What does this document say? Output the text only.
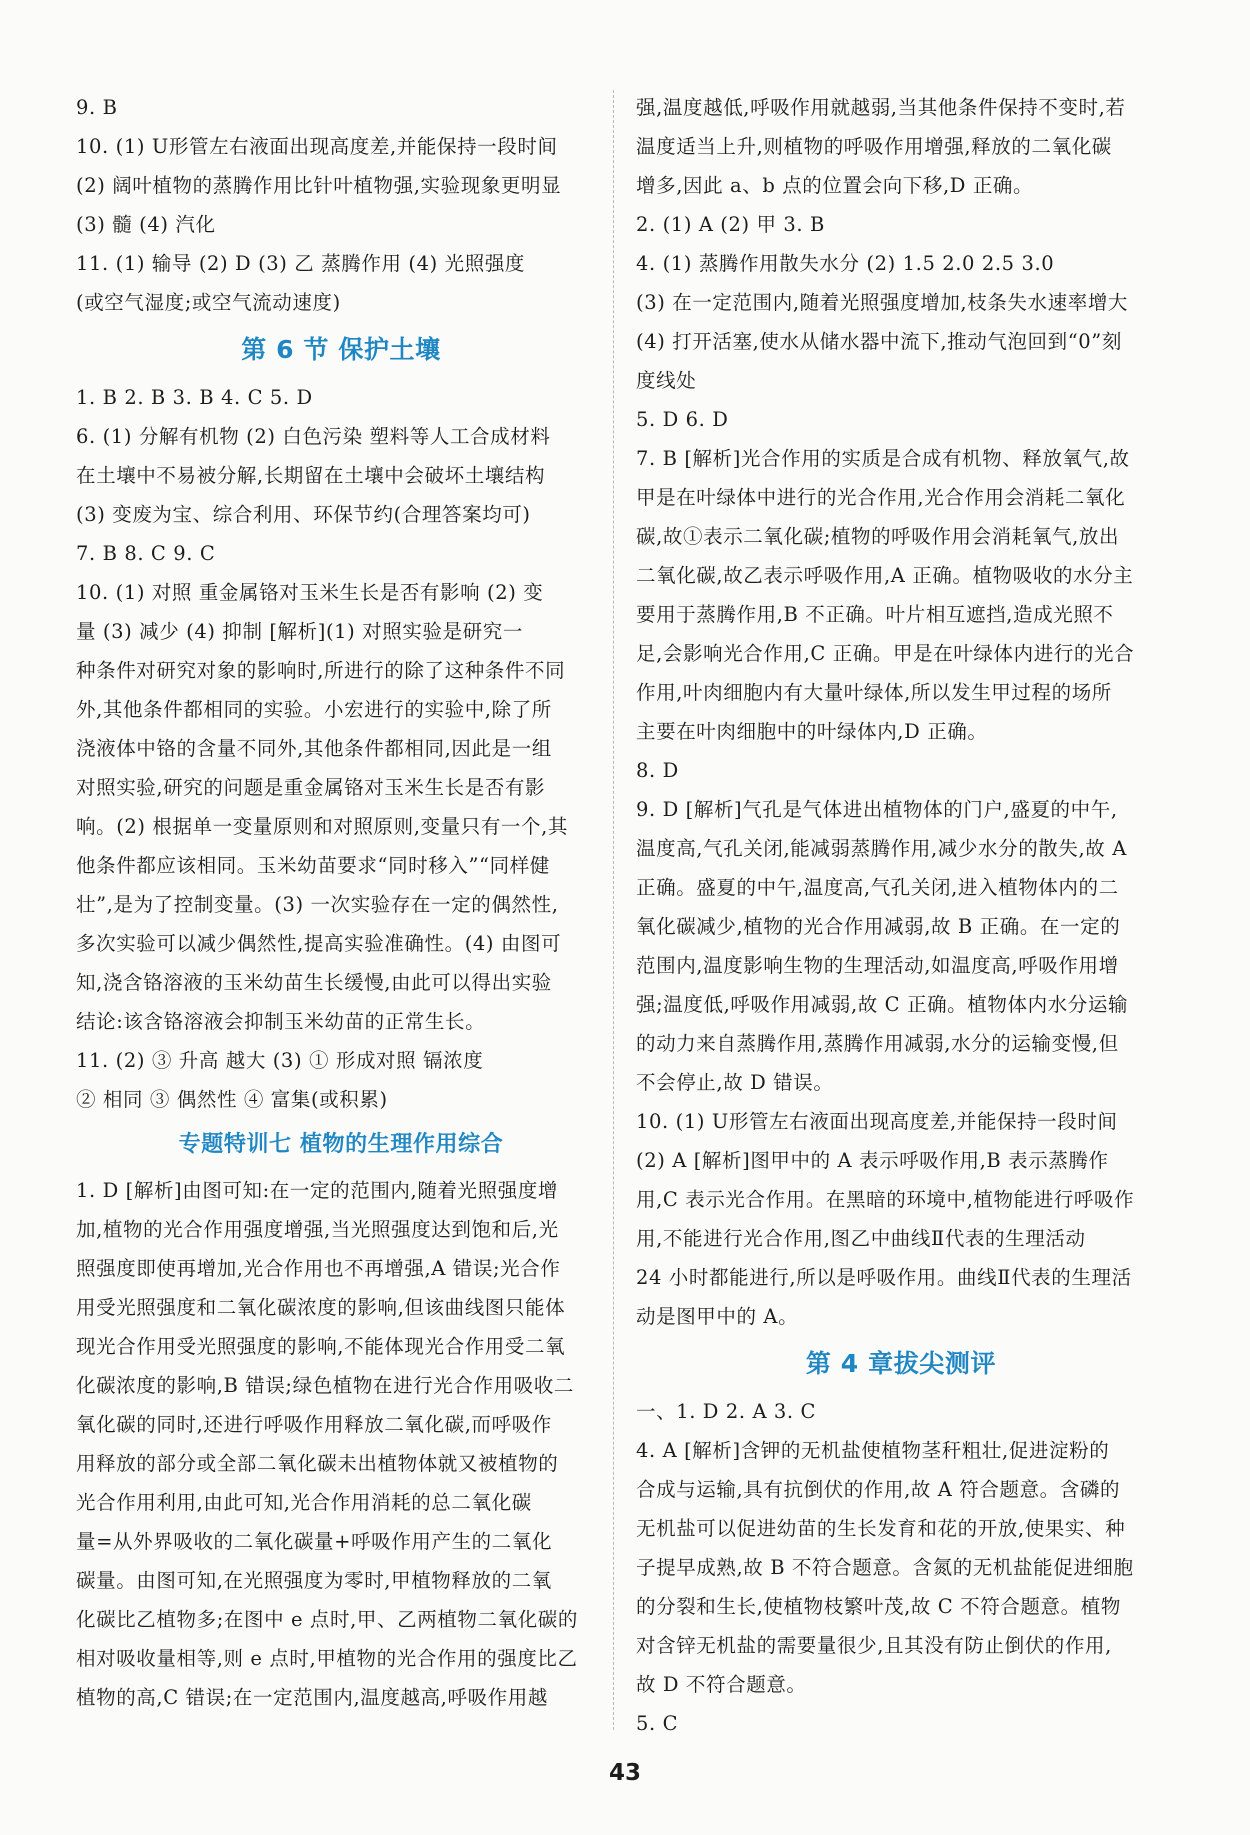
9. B
10. (1) U形管左右液面出现高度差,并能保持一段时间
(2) 阔叶植物的蒸腾作用比针叶植物强,实验现象更明显
(3) 髓 (4) 汽化
11. (1) 输导 (2) D (3) 乙 蒸腾作用 (4) 光照强度
(或空气湿度;或空气流动速度)
第 6 节 保护土壤
1. B 2. B 3. B 4. C 5. D
6. (1) 分解有机物 (2) 白色污染 塑料等人工合成材料
在土壤中不易被分解,长期留在土壤中会破坏土壤结构
(3) 变废为宝、综合利用、环保节约(合理答案均可)
7. B 8. C 9. C
10. (1) 对照 重金属铬对玉米生长是否有影响 (2) 变
量 (3) 减少 (4) 抑制 [解析](1) 对照实验是研究一
种条件对研究对象的影响时,所进行的除了这种条件不同
外,其他条件都相同的实验。小宏进行的实验中,除了所
浇液体中铬的含量不同外,其他条件都相同,因此是一组
对照实验,研究的问题是重金属铬对玉米生长是否有影
响。(2) 根据单一变量原则和对照原则,变量只有一个,其
他条件都应该相同。玉米幼苗要求“同时移入”“同样健
壮”,是为了控制变量。(3) 一次实验存在一定的偶然性,
多次实验可以减少偶然性,提高实验准确性。(4) 由图可
知,浇含铬溶液的玉米幼苗生长缓慢,由此可以得出实验
结论:该含铬溶液会抑制玉米幼苗的正常生长。
11. (2) ③ 升高 越大 (3) ① 形成对照 镉浓度
② 相同 ③ 偶然性 ④ 富集(或积累)
专题特训七 植物的生理作用综合
1. D [解析]由图可知:在一定的范围内,随着光照强度增
加,植物的光合作用强度增强,当光照强度达到饱和后,光
照强度即使再增加,光合作用也不再增强,A 错误;光合作
用受光照强度和二氧化碳浓度的影响,但该曲线图只能体
现光合作用受光照强度的影响,不能体现光合作用受二氧
化碳浓度的影响,B 错误;绿色植物在进行光合作用吸收二
氧化碳的同时,还进行呼吸作用释放二氧化碳,而呼吸作
用释放的部分或全部二氧化碳未出植物体就又被植物的
光合作用利用,由此可知,光合作用消耗的总二氧化碳
量=从外界吸收的二氧化碳量+呼吸作用产生的二氧化
碳量。由图可知,在光照强度为零时,甲植物释放的二氧
化碳比乙植物多;在图中 e 点时,甲、乙两植物二氧化碳的
相对吸收量相等,则 e 点时,甲植物的光合作用的强度比乙
植物的高,C 错误;在一定范围内,温度越高,呼吸作用越
强,温度越低,呼吸作用就越弱,当其他条件保持不变时,若
温度适当上升,则植物的呼吸作用增强,释放的二氧化碳
增多,因此 a、b 点的位置会向下移,D 正确。
2. (1) A (2) 甲 3. B
4. (1) 蒸腾作用散失水分 (2) 1.5 2.0 2.5 3.0
(3) 在一定范围内,随着光照强度增加,枝条失水速率增大
(4) 打开活塞,使水从储水器中流下,推动气泡回到“0”刻
度线处
5. D 6. D
7. B [解析]光合作用的实质是合成有机物、释放氧气,故
甲是在叶绿体中进行的光合作用,光合作用会消耗二氧化
碳,故①表示二氧化碳;植物的呼吸作用会消耗氧气,放出
二氧化碳,故乙表示呼吸作用,A 正确。植物吸收的水分主
要用于蒸腾作用,B 不正确。叶片相互遮挡,造成光照不
足,会影响光合作用,C 正确。甲是在叶绿体内进行的光合
作用,叶肉细胞内有大量叶绿体,所以发生甲过程的场所
主要在叶肉细胞中的叶绿体内,D 正确。
8. D
9. D [解析]气孔是气体进出植物体的门户,盛夏的中午,
温度高,气孔关闭,能减弱蒸腾作用,减少水分的散失,故 A
正确。盛夏的中午,温度高,气孔关闭,进入植物体内的二
氧化碳减少,植物的光合作用减弱,故 B 正确。在一定的
范围内,温度影响生物的生理活动,如温度高,呼吸作用增
强;温度低,呼吸作用减弱,故 C 正确。植物体内水分运输
的动力来自蒸腾作用,蒸腾作用减弱,水分的运输变慢,但
不会停止,故 D 错误。
10. (1) U形管左右液面出现高度差,并能保持一段时间
(2) A [解析]图甲中的 A 表示呼吸作用,B 表示蒸腾作
用,C 表示光合作用。在黑暗的环境中,植物能进行呼吸作
用,不能进行光合作用,图乙中曲线Ⅱ代表的生理活动
24 小时都能进行,所以是呼吸作用。曲线Ⅱ代表的生理活
动是图甲中的 A。
第 4 章拔尖测评
一、1. D 2. A 3. C
4. A [解析]含钾的无机盐使植物茎秆粗壮,促进淀粉的
合成与运输,具有抗倒伏的作用,故 A 符合题意。含磷的
无机盐可以促进幼苗的生长发育和花的开放,使果实、种
子提早成熟,故 B 不符合题意。含氮的无机盐能促进细胞
的分裂和生长,使植物枝繁叶茂,故 C 不符合题意。植物
对含锌无机盐的需要量很少,且其没有防止倒伏的作用,
故 D 不符合题意。
5. C
43
